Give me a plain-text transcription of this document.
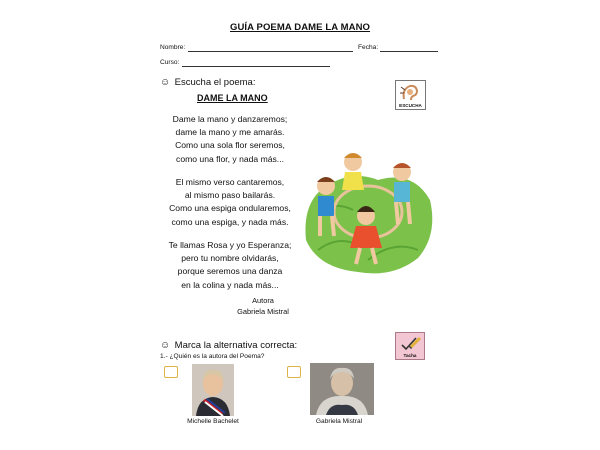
GUÍA POEMA DAME LA MANO
Nombre:	Fecha:
Curso:
☺ Escucha el poema:
ESCUCHA
DAME LA MANO
Dame la mano y danzaremos;
dame la mano y me amarás.
Como una sola flor seremos,
como una flor, y nada más...
El mismo verso cantaremos,
al mismo paso bailarás.
Como una espiga ondularemos,
como una espiga, y nada más.
Te llamas Rosa y yo Esperanza;
pero tu nombre olvidarás,
porque seremos una danza
en la colina y nada más...
Autora
Gabriela Mistral
☺ Marca la alternativa correcta:
Tacha
1.- ¿Quién es la autora del Poema?
Michelle Bachelet	Gabriela Mistral
